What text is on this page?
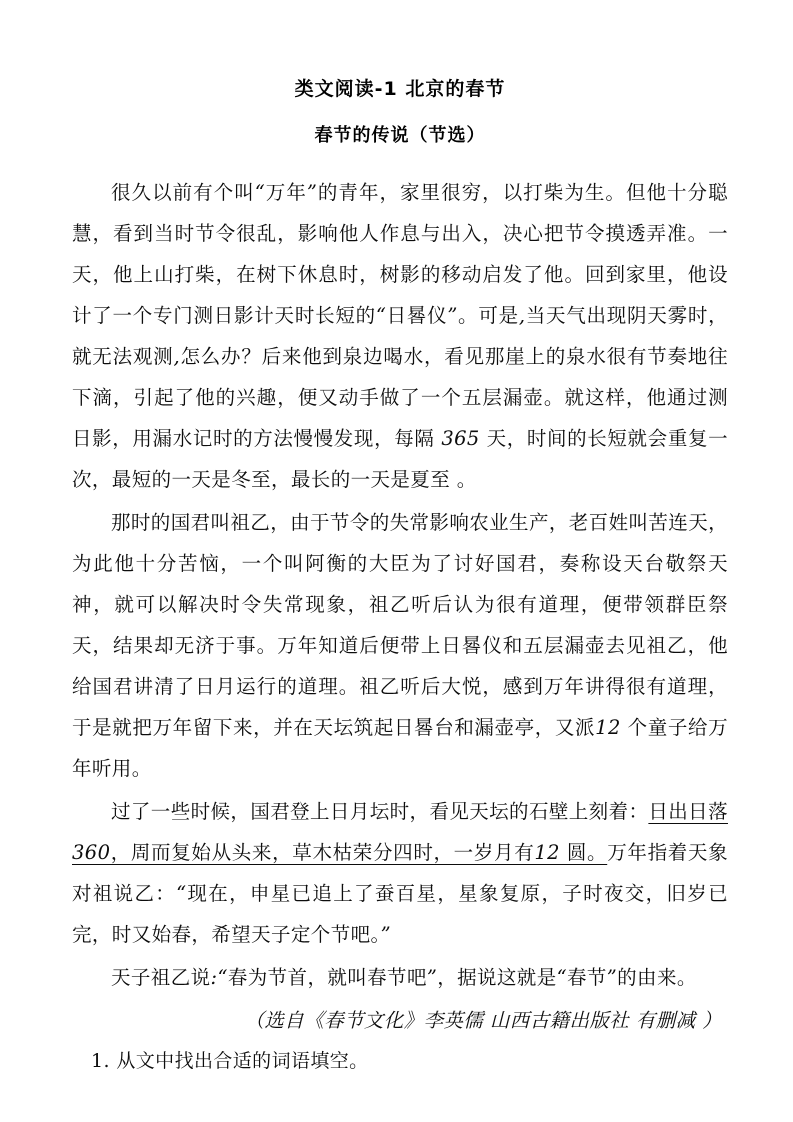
类文阅读-1 北京的春节
春节的传说（节选）

很久以前有个叫“万年”的青年，家里很穷，以打柴为生。但他十分聪慧，看到当时节令很乱，影响他人作息与出入，决心把节令摸透弄准。一天，他上山打柴，在树下休息时，树影的移动启发了他。回到家里，他设计了一个专门测日影计天时长短的“日晷仪”。可是,当天气出现阴天雾时，就无法观测,怎么办？后来他到泉边喝水，看见那崖上的泉水很有节奏地往下滴，引起了他的兴趣，便又动手做了一个五层漏壶。就这样，他通过测日影，用漏水记时的方法慢慢发现，每隔 365 天，时间的长短就会重复一次，最短的一天是冬至，最长的一天是夏至 。

那时的国君叫祖乙，由于节令的失常影响农业生产，老百姓叫苦连天，为此他十分苦恼，一个叫阿衡的大臣为了讨好国君，奏称设天台敬祭天神，就可以解决时令失常现象，祖乙听后认为很有道理，便带领群臣祭天，结果却无济于事。万年知道后便带上日晷仪和五层漏壶去见祖乙，他给国君讲清了日月运行的道理。祖乙听后大悦，感到万年讲得很有道理，于是就把万年留下来，并在天坛筑起日晷台和漏壶亭，又派12 个童子给万年听用。

过了一些时候，国君登上日月坛时，看见天坛的石壁上刻着：日出日落 360，周而复始从头来，草木枯荣分四时，一岁月有12 圆。万年指着天象对祖说乙：“现在，申星已追上了蚕百星，星象复原，子时夜交，旧岁已完，时又始春，希望天子定个节吧。”

天子祖乙说:“春为节首，就叫春节吧”，据说这就是“春节”的由来。

（选自《春节文化》李英儒 山西古籍出版社 有删减 ）

1. 从文中找出合适的词语填空。
